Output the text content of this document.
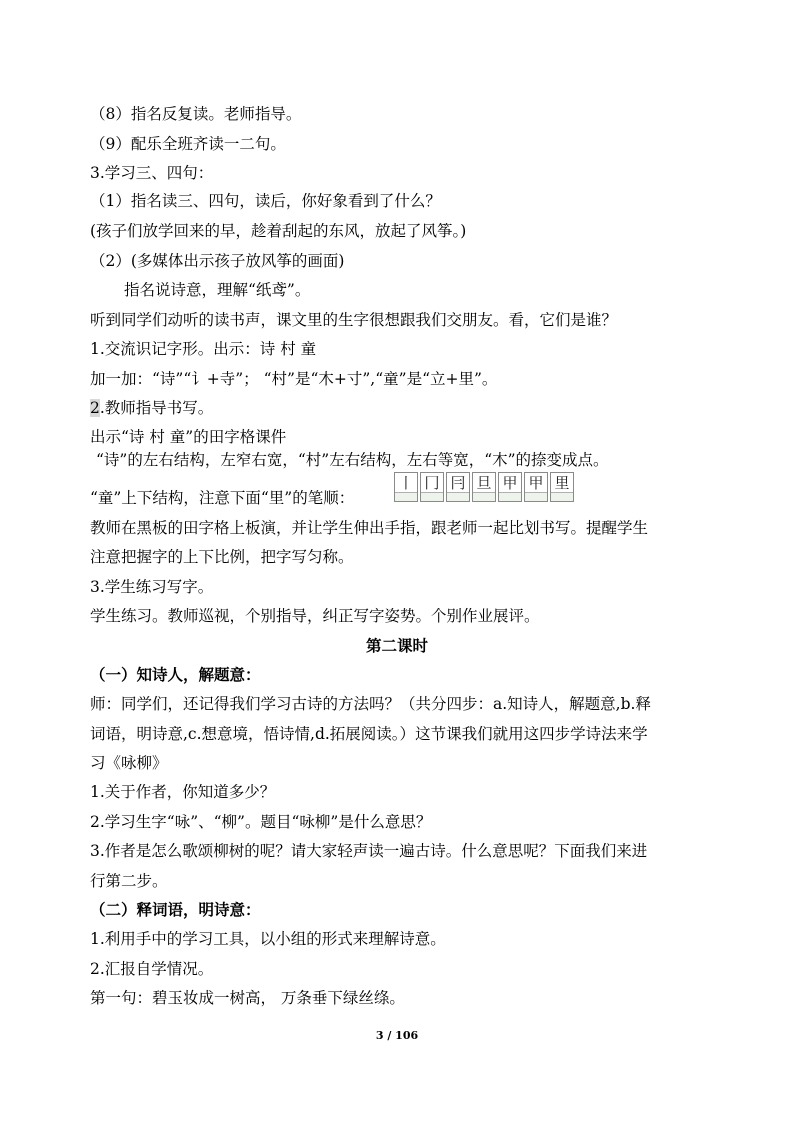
（8）指名反复读。老师指导。
（9）配乐全班齐读一二句。
3.学习三、四句：
（1）指名读三、四句，读后，你好象看到了什么？
(孩子们放学回来的早，趁着刮起的东风，放起了风筝。)
（2）(多媒体出示孩子放风筝的画面)
指名说诗意，理解“纸鸢”。
听到同学们动听的读书声，课文里的生字很想跟我们交朋友。看，它们是谁？
1.交流识记字形。出示：诗 村 童
加一加：“诗”“讠+寺”； “村”是“木+寸”,“童”是“立+里”。
2.教师指导书写。
出示“诗 村 童”的田字格课件
“诗”的左右结构，左窄右宽，“村”左右结构，左右等宽，“木”的捺变成点。
“童”上下结构，注意下面“里”的笔顺：
丨 冂 冃 旦 甲 甲 里
教师在黑板的田字格上板演，并让学生伸出手指，跟老师一起比划书写。提醒学生
注意把握字的上下比例，把字写匀称。
3.学生练习写字。
学生练习。教师巡视，个别指导，纠正写字姿势。个别作业展评。
第二课时
（一）知诗人，解题意：
师：同学们，还记得我们学习古诗的方法吗？（共分四步：a.知诗人，解题意,b.释
词语，明诗意,c.想意境，悟诗情,d.拓展阅读。）这节课我们就用这四步学诗法来学
习《咏柳》
1.关于作者，你知道多少？
2.学习生字“咏”、“柳”。题目“咏柳”是什么意思？
3.作者是怎么歌颂柳树的呢？请大家轻声读一遍古诗。什么意思呢？下面我们来进
行第二步。
（二）释词语，明诗意：
1.利用手中的学习工具，以小组的形式来理解诗意。
2.汇报自学情况。
第一句：碧玉妆成一树高， 万条垂下绿丝绦。
3 / 106
